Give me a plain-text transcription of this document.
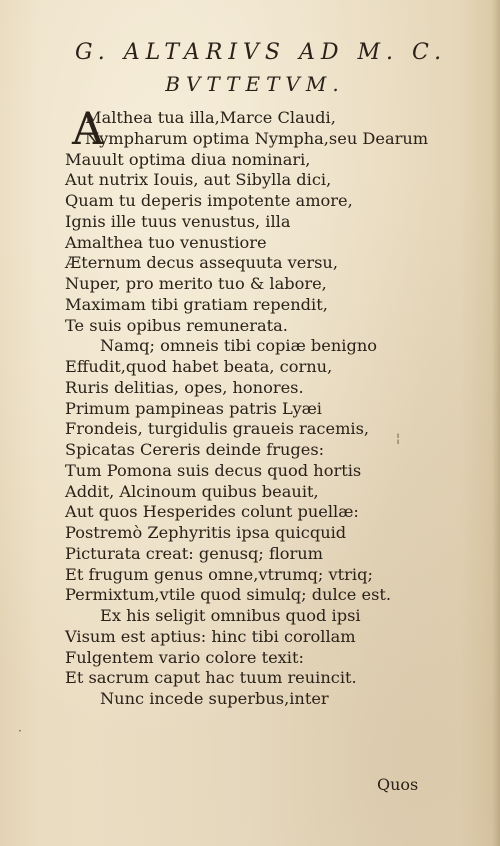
G. ALTARIVS AD M. C.
BVTTETVM.
A
Malthea tua illa,Marce Claudi,
Nympharum optima Nympha,seu Dearum
Mauult optima diua nominari,
Aut nutrix Iouis, aut Sibylla dici,
Quam tu deperis impotente amore,
Ignis ille tuus venustus, illa
Amalthea tuo venustiore
Æternum decus assequuta versu,
Nuper, pro merito tuo & labore,
Maximam tibi gratiam rependit,
Te suis opibus remunerata.
Namq; omneis tibi copiæ benigno
Effudit,quod habet beata, cornu,
Ruris delitias, opes, honores.
Primum pampineas patris Lyæi
Frondeis, turgidulis graueis racemis,
Spicatas Cereris deinde fruges:
Tum Pomona suis decus quod hortis
Addit, Alcinoum quibus beauit,
Aut quos Hesperides colunt puellæ:
Postremò Zephyritis ipsa quicquid
Picturata creat: genusq; florum
Et frugum genus omne,vtrumq; vtriq;
Permixtum,vtile quod simulq; dulce est.
Ex his seligit omnibus quod ipsi
Visum est aptius: hinc tibi corollam
Fulgentem vario colore texit:
Et sacrum caput hac tuum reuincit.
Nunc incede superbus,inter
Quos
¦
·
